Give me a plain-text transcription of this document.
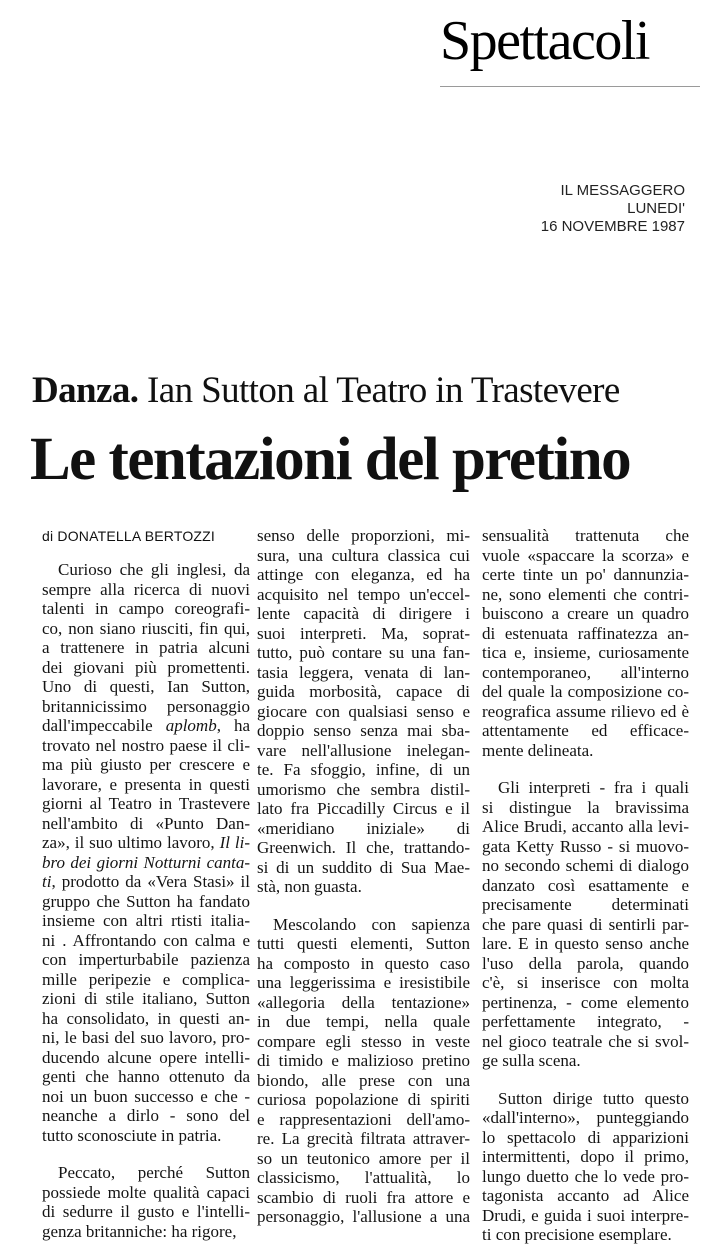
Spettacoli
IL MESSAGGERO
LUNEDI'
16 NOVEMBRE 1987
Danza. Ian Sutton al Teatro in Trastevere
Le tentazioni del pretino
di DONATELLA BERTOZZI
Curioso che gli inglesi, da
sempre alla ricerca di nuovi
talenti in campo coreografi-
co, non siano riusciti, fin qui,
a trattenere in patria alcuni
dei giovani più promettenti.
Uno di questi, Ian Sutton,
britannicissimo personaggio
dall'impeccabile aplomb, ha
trovato nel nostro paese il cli-
ma più giusto per crescere e
lavorare, e presenta in questi
giorni al Teatro in Trastevere
nell'ambito di «Punto Dan-
za», il suo ultimo lavoro, Il li-
bro dei giorni Notturni canta-
ti, prodotto da «Vera Stasi» il
gruppo che Sutton ha fandato
insieme con altri rtisti italia-
ni . Affrontando con calma e
con imperturbabile pazienza
mille peripezie e complica-
zioni di stile italiano, Sutton
ha consolidato, in questi an-
ni, le basi del suo lavoro, pro-
ducendo alcune opere intelli-
genti che hanno ottenuto da
noi un buon successo e che -
neanche a dirlo - sono del
tutto sconosciute in patria.
Peccato, perché Sutton
possiede molte qualità capaci
di sedurre il gusto e l'intelli-
genza britanniche: ha rigore,
senso delle proporzioni, mi-
sura, una cultura classica cui
attinge con eleganza, ed ha
acquisito nel tempo un'eccel-
lente capacità di dirigere i
suoi interpreti. Ma, soprat-
tutto, può contare su una fan-
tasia leggera, venata di lan-
guida morbosità, capace di
giocare con qualsiasi senso e
doppio senso senza mai sba-
vare nell'allusione inelegan-
te. Fa sfoggio, infine, di un
umorismo che sembra distil-
lato fra Piccadilly Circus e il
«meridiano iniziale» di
Greenwich. Il che, trattando-
si di un suddito di Sua Mae-
stà, non guasta.
Mescolando con sapienza
tutti questi elementi, Sutton
ha composto in questo caso
una leggerissima e iresistibile
«allegoria della tentazione»
in due tempi, nella quale
compare egli stesso in veste
di timido e malizioso pretino
biondo, alle prese con una
curiosa popolazione di spiriti
e rappresentazioni dell'amo-
re. La grecità filtrata attraver-
so un teutonico amore per il
classicismo, l'attualità, lo
scambio di ruoli fra attore e
personaggio, l'allusione a una
sensualità trattenuta che
vuole «spaccare la scorza» e
certe tinte un po' dannunzia-
ne, sono elementi che contri-
buiscono a creare un quadro
di estenuata raffinatezza an-
tica e, insieme, curiosamente
contemporaneo, all'interno
del quale la composizione co-
reografica assume rilievo ed è
attentamente ed efficace-
mente delineata.
Gli interpreti - fra i quali
si distingue la bravissima
Alice Brudi, accanto alla levi-
gata Ketty Russo - si muovo-
no secondo schemi di dialogo
danzato così esattamente e
precisamente determinati
che pare quasi di sentirli par-
lare. E in questo senso anche
l'uso della parola, quando
c'è, si inserisce con molta
pertinenza, - come elemento
perfettamente integrato, -
nel gioco teatrale che si svol-
ge sulla scena.
Sutton dirige tutto questo
«dall'interno», punteggiando
lo spettacolo di apparizioni
intermittenti, dopo il primo,
lungo duetto che lo vede pro-
tagonista accanto ad Alice
Drudi, e guida i suoi interpre-
ti con precisione esemplare.
